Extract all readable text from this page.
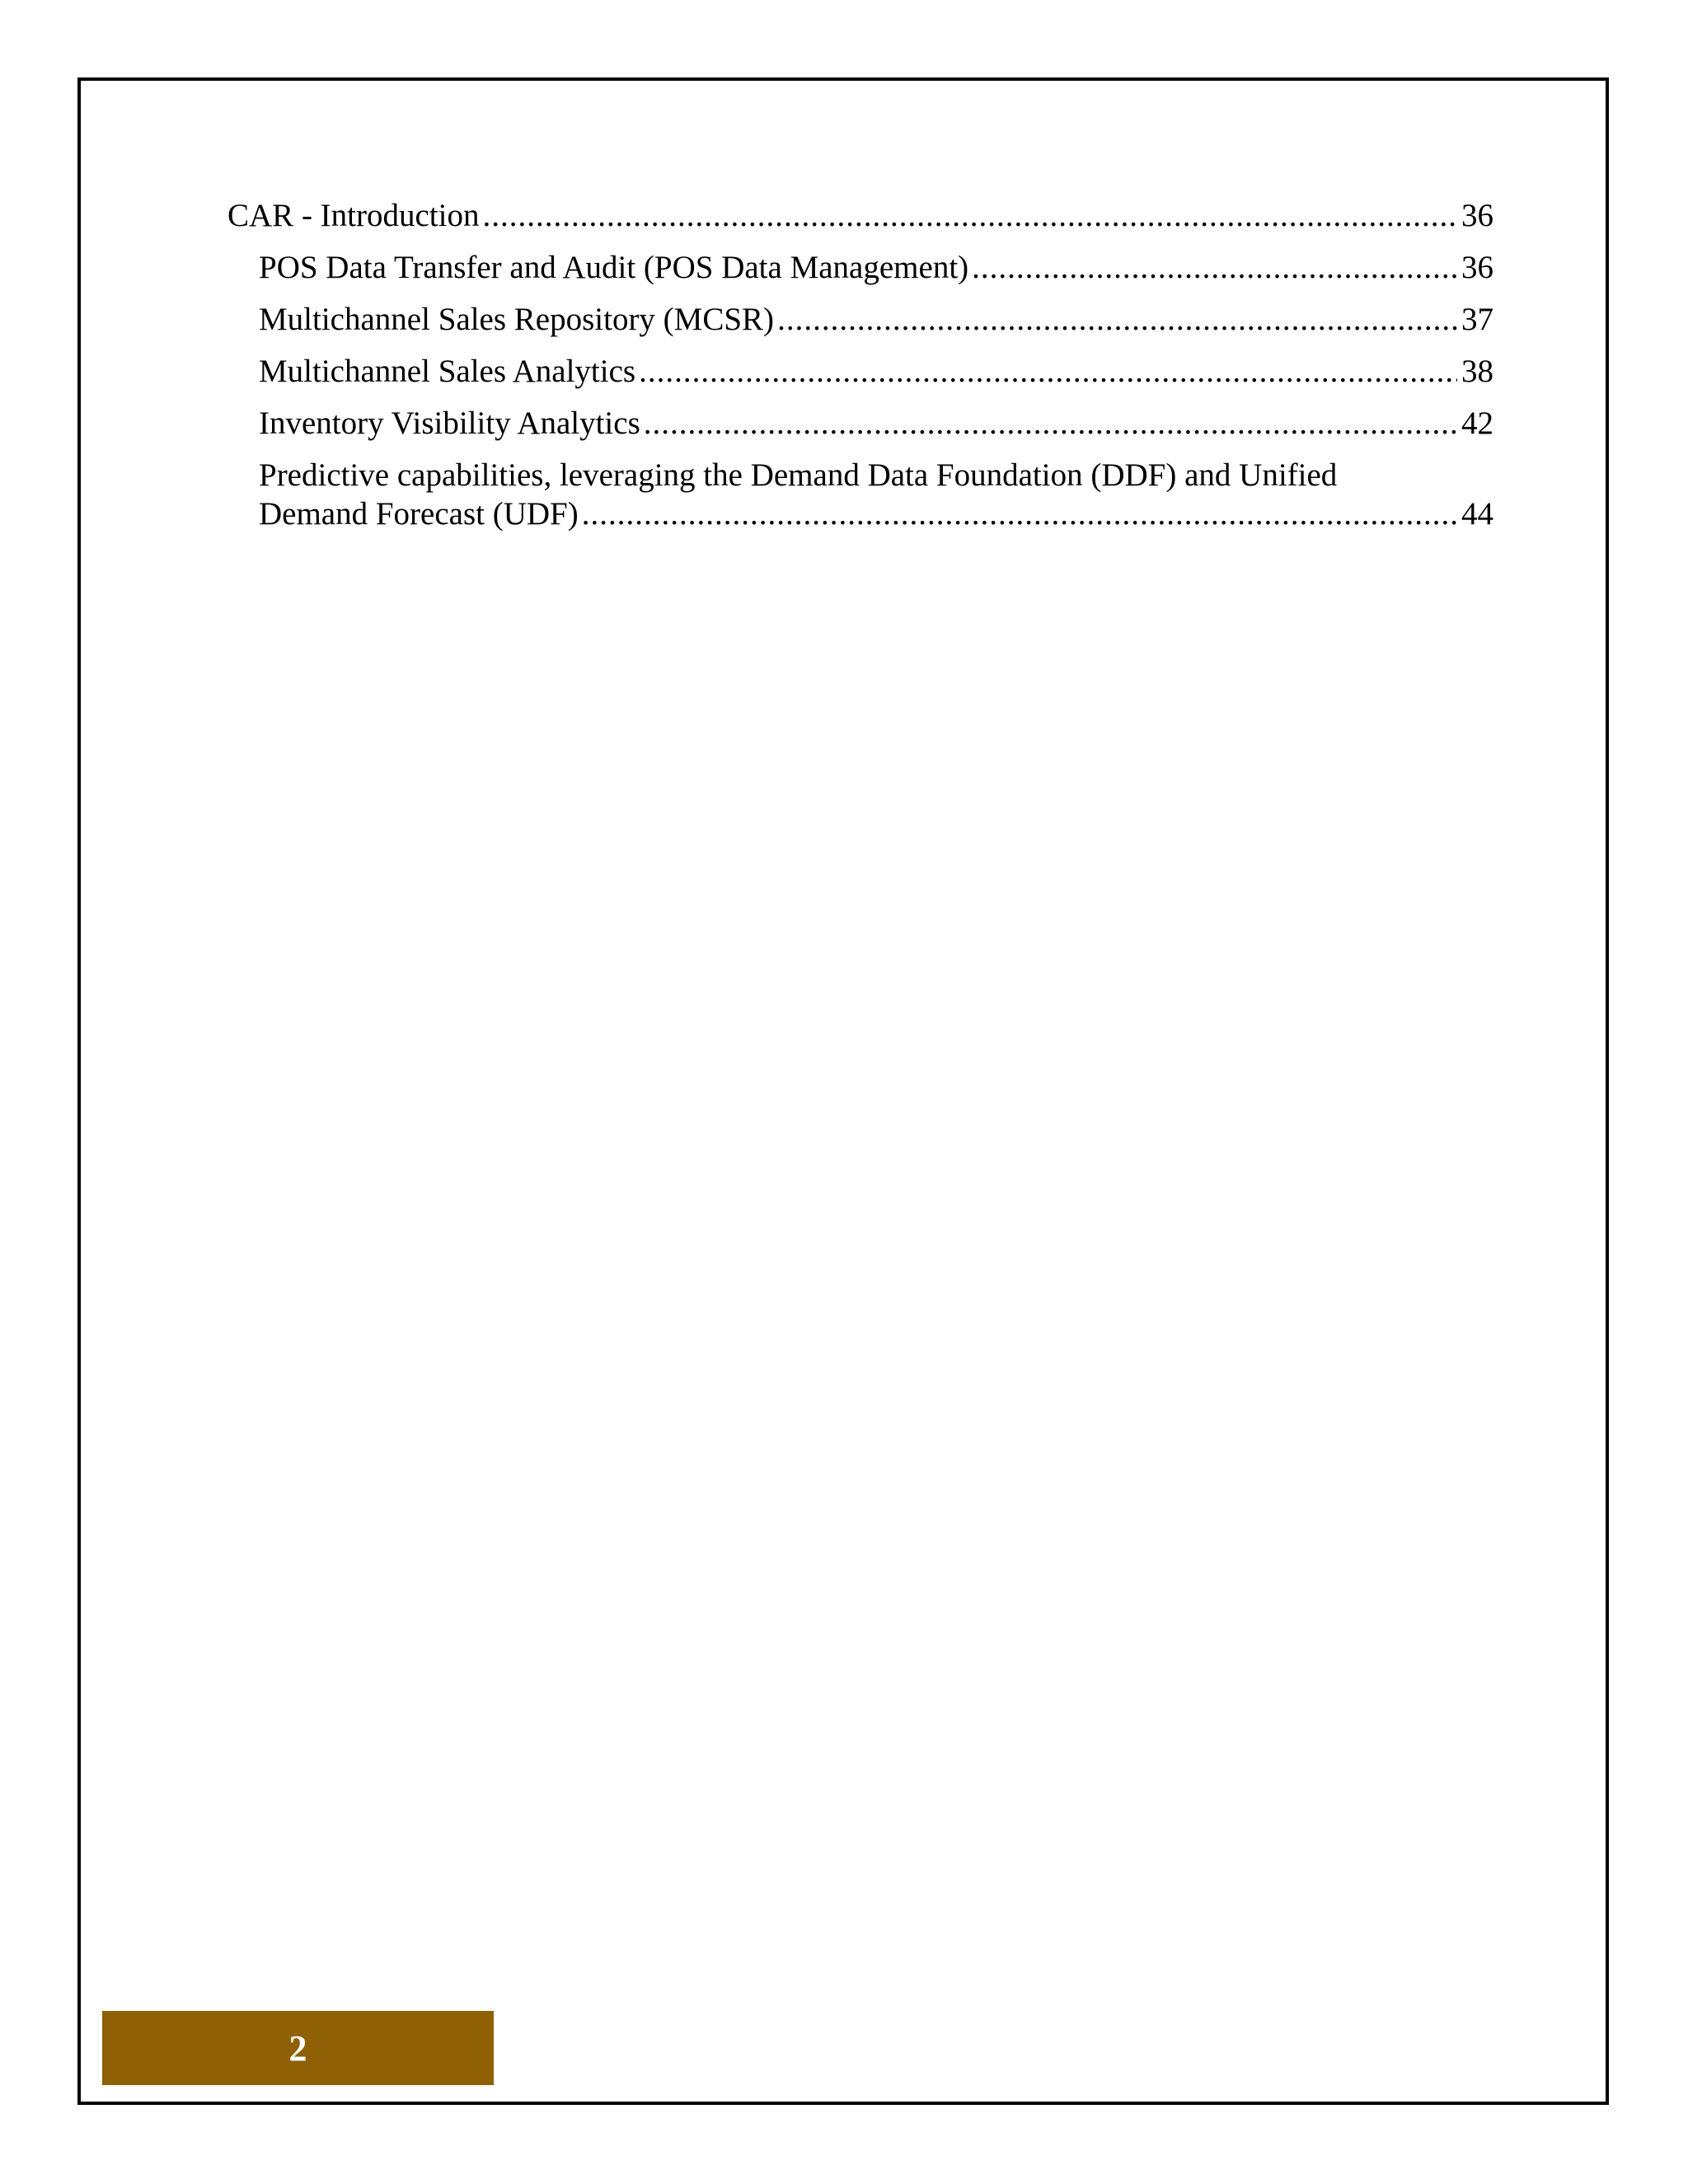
CAR - Introduction .....	36
POS Data Transfer and Audit (POS Data Management) .....	36
Multichannel Sales Repository (MCSR) .....	37
Multichannel Sales Analytics .....	38
Inventory Visibility Analytics .....	42
Predictive capabilities, leveraging the Demand Data Foundation (DDF) and Unified
Demand Forecast (UDF) .....	44
2
